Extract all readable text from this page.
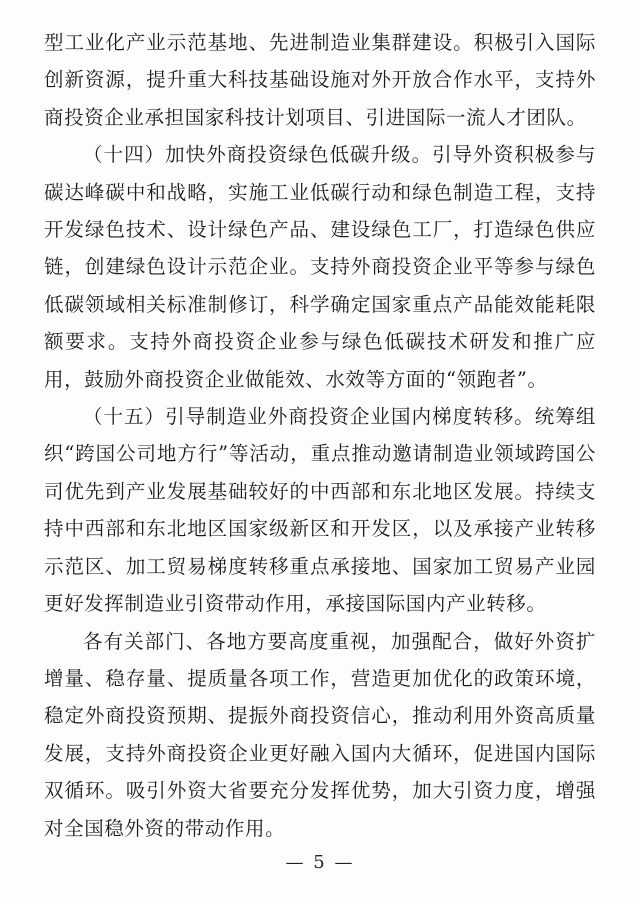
型工业化产业示范基地、先进制造业集群建设。积极引入国际创新资源，提升重大科技基础设施对外开放合作水平，支持外商投资企业承担国家科技计划项目、引进国际一流人才团队。

（十四）加快外商投资绿色低碳升级。引导外资积极参与碳达峰碳中和战略，实施工业低碳行动和绿色制造工程，支持开发绿色技术、设计绿色产品、建设绿色工厂，打造绿色供应链，创建绿色设计示范企业。支持外商投资企业平等参与绿色低碳领域相关标准制修订，科学确定国家重点产品能效能耗限额要求。支持外商投资企业参与绿色低碳技术研发和推广应用，鼓励外商投资企业做能效、水效等方面的“领跑者”。

（十五）引导制造业外商投资企业国内梯度转移。统筹组织“跨国公司地方行”等活动，重点推动邀请制造业领域跨国公司优先到产业发展基础较好的中西部和东北地区发展。持续支持中西部和东北地区国家级新区和开发区，以及承接产业转移示范区、加工贸易梯度转移重点承接地、国家加工贸易产业园更好发挥制造业引资带动作用，承接国际国内产业转移。

各有关部门、各地方要高度重视，加强配合，做好外资扩增量、稳存量、提质量各项工作，营造更加优化的政策环境，稳定外商投资预期、提振外商投资信心，推动利用外资高质量发展，支持外商投资企业更好融入国内大循环，促进国内国际双循环。吸引外资大省要充分发挥优势，加大引资力度，增强对全国稳外资的带动作用。

— 5 —
